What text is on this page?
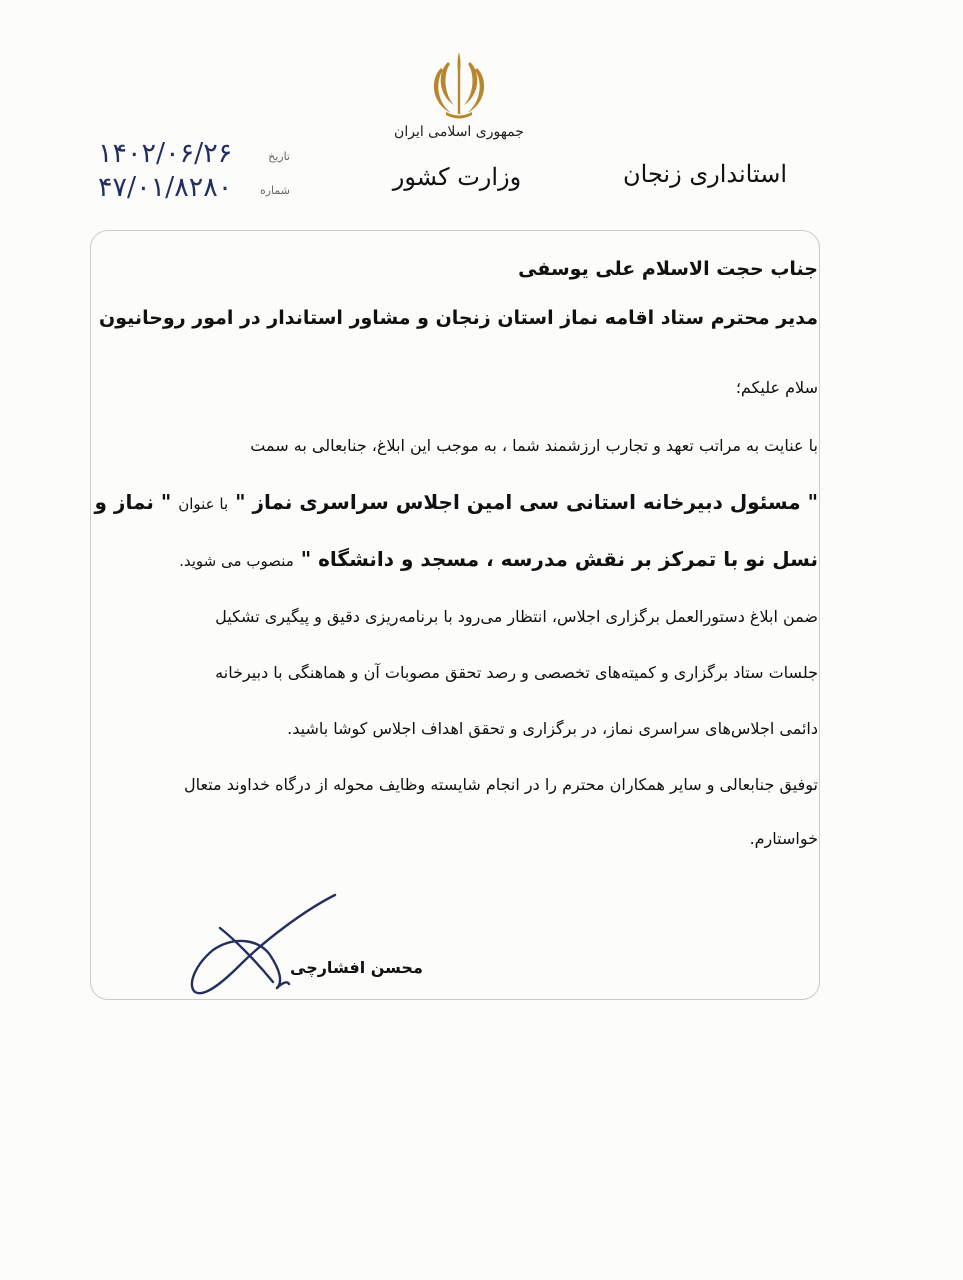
جمهوری اسلامی ایران
وزارت کشور	استانداری زنجان
تاریخ
۱۴۰۲/۰۶/۲۶
شماره
۴۷/۰۱/۸۲۸۰
جناب حجت الاسلام علی یوسفی
مدیر محترم ستاد اقامه نماز استان زنجان و مشاور استاندار در امور روحانیون
سلام علیکم؛
با عنایت به مراتب تعهد و تجارب ارزشمند شما ، به موجب این ابلاغ، جنابعالی به سمت
" مسئول دبیرخانه استانی سی امین اجلاس سراسری نماز " با عنوان " نماز و
نسل نو با تمرکز بر نقش مدرسه ، مسجد و دانشگاه " منصوب می شوید.
ضمن ابلاغ دستورالعمل برگزاری اجلاس، انتظار می‌رود با برنامه‌ریزی دقیق و پیگیری تشکیل
جلسات ستاد برگزاری و کمیته‌های تخصصی و رصد تحقق مصوبات آن و هماهنگی با دبیرخانه
دائمی اجلاس‌های سراسری نماز، در برگزاری و تحقق اهداف اجلاس کوشا باشید.
توفیق جنابعالی و سایر همکاران محترم را در انجام شایسته وظایف محوله از درگاه خداوند متعال
خواستارم.
محسن افشارچی
